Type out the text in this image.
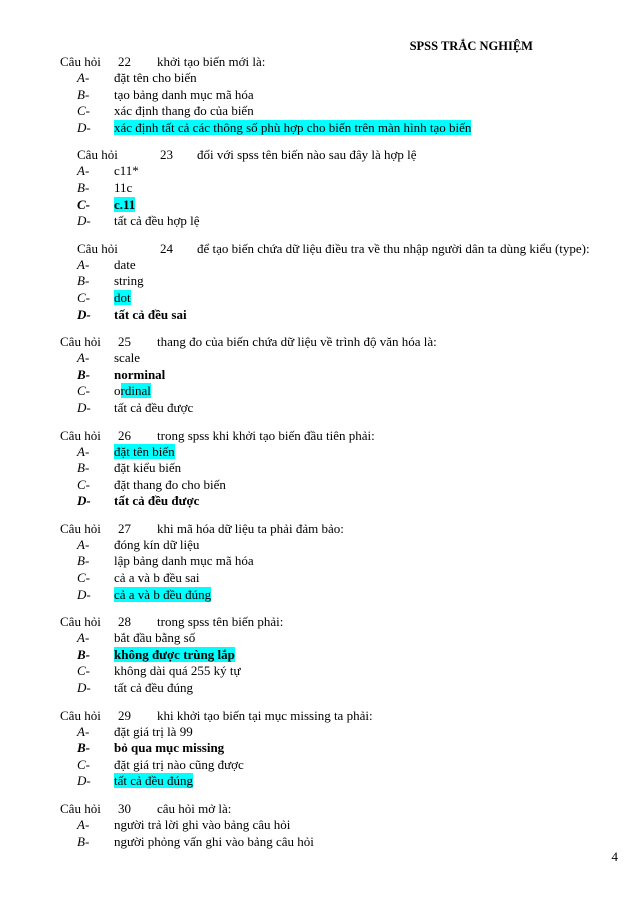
SPSS TRẮC NGHIỆM
Câu hỏi 22 khởi tạo biến mới là:
A- đặt tên cho biến
B- tạo bảng danh mục mã hóa
C- xác định thang đo của biến
D- xác định tất cả các thông số phù hợp cho biến trên màn hình tạo biến
Câu hỏi	23 đối với spss tên biến nào sau đây là hợp lệ
A- c11*
B- 11c
C- c.11
D- tất cả đều hợp lệ
Câu hỏi	24 để tạo biến chứa dữ liệu điều tra về thu nhập người dân ta dùng kiểu (type):
A- date
B- string
C- dot
D- tất cả đều sai
Câu hỏi 25 thang đo của biến chứa dữ liệu về trình độ văn hóa là:
A- scale
B- norminal
C- ordinal
D- tất cả đều được
Câu hỏi 26 trong spss khi khởi tạo biến đầu tiên phải:
A- đặt tên biến
B- đặt kiểu biến
C- đặt thang đo cho biến
D- tất cả đều được
Câu hỏi 27 khi mã hóa dữ liệu ta phải đảm bảo:
A- đóng kín dữ liệu
B- lập bảng danh mục mã hóa
C- cả a và b đều sai
D- cả a và b đều đúng
Câu hỏi 28 trong spss tên biến phải:
A- bắt đầu bằng số
B- không được trùng lắp
C- không dài quá 255 ký tự
D- tất cả đều đúng
Câu hỏi 29 khi khởi tạo biến tại mục missing ta phải:
A- đặt giá trị là 99
B- bỏ qua mục missing
C- đặt giá trị nào cũng được
D- tất cả đều đúng
Câu hỏi 30 câu hỏi mở là:
A- người trả lời ghi vào bảng câu hỏi
B- người phỏng vấn ghi vào bảng câu hỏi
4
